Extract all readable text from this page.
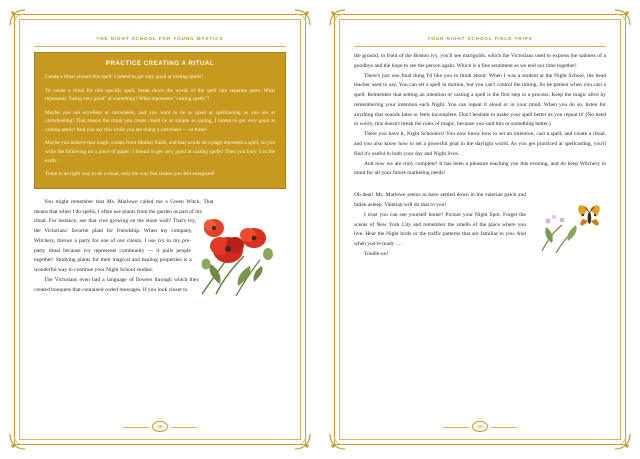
THE NIGHT SCHOOL FOR YOUNG MYSTICS
PRACTICE CREATING A RITUAL

Create a ritual around this spell: I intend to get very good at casting spells!

To create a ritual for this specific spell, break down the words of the spell into separate parts. What represents "being very good" at something? What represents "casting spells"?

Maybe you are excellent at cartwheels, and you want to be as good at spellcasting as you are at cartwheeling! That means the ritual you create could be as simple as saying, I intend to get very good at casting spells! And you say this while you are doing a cartwheel — or three!

Maybe you believe that magic comes from Mother Earth, and that words on a page represent a spell, so you write the following on a piece of paper: I intend to get very good at casting spells! Then you bury it in the earth.

There is no right way to do a ritual, only the way that makes you feel energized!

You might remember that Ms. Marlowe called me a Green Witch. That means that when I do spells, I often use plants from the garden as part of my ritual. For instance, see that vine growing on the stone wall? That's ivy, the Victorians' favorite plant for friendship. When my company, Witchery, throws a party for one of our clients, I use ivy in my pre-party ritual because ivy represents community — it pulls people together! Studying plants for their magical and healing properties is a wonderful way to continue your Night School studies.

The Victorians even had a language of flowers through which they created bouquets that contained coded messages. If you look closer to

68
YOUR NIGHT SCHOOL FIELD TRIPS

the ground, in front of the Boston ivy, you'll see marigolds, which the Victorians used to express the sadness of a goodbye and the hope to see the person again. Which is a fine sentiment as we end our time together!

There's just one final thing I'd like you to think about: When I was a student at the Night School, the head teacher used to say, You can set a spell in motion, but you can't control the timing. So be patient when you cast a spell. Remember that setting an intention or casting a spell is the first step in a process. Keep the magic alive by remembering your intention each Night. You can repeat it aloud or in your mind. When you do so, listen for anything that sounds false or feels incomplete. Don't hesitate to make your spell better as you repeat it! (No need to worry, this doesn't break the rules of magic, because you said this or something better.)

There you have it, Night Schoolers! You now know how to set an intention, cast a spell, and create a ritual, and you also know how to set a powerful goal in the daylight world. As you get practiced at spellcasting, you'll find it's useful in both your day and Night lives.

And now we are truly complete! It has been a pleasure teaching you this evening, and do keep Witchery in mind for all your future marketing needs!

Oh dear! Ms. Marlowe seems to have settled down in the valerian patch and fallen asleep. Valerian will do that to you!

I trust you can see yourself home? Picture your Night Spot. Forget the scents of New York City and remember the smells of the place where you live. Hear the Night birds or the traffic patterns that are familiar to you. And when you're ready . . .

Toodle-oo!

69
